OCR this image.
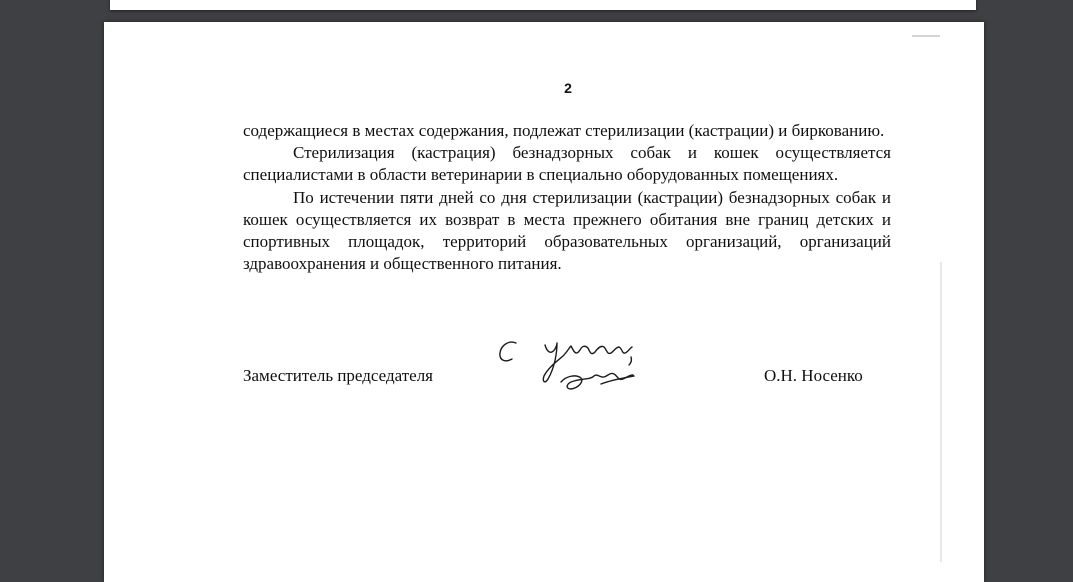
2

содержащиеся в местах содержания, подлежат стерилизации (кастрации) и биркованию.

Стерилизация (кастрация) безнадзорных собак и кошек осуществляется специалистами в области ветеринарии в специально оборудованных помещениях.

По истечении пяти дней со дня стерилизации (кастрации) безнадзорных собак и кошек осуществляется их возврат в места прежнего обитания вне границ детских и спортивных площадок, территорий образовательных организаций, организаций здравоохранения и общественного питания.

Заместитель председателя	О.Н. Носенко
